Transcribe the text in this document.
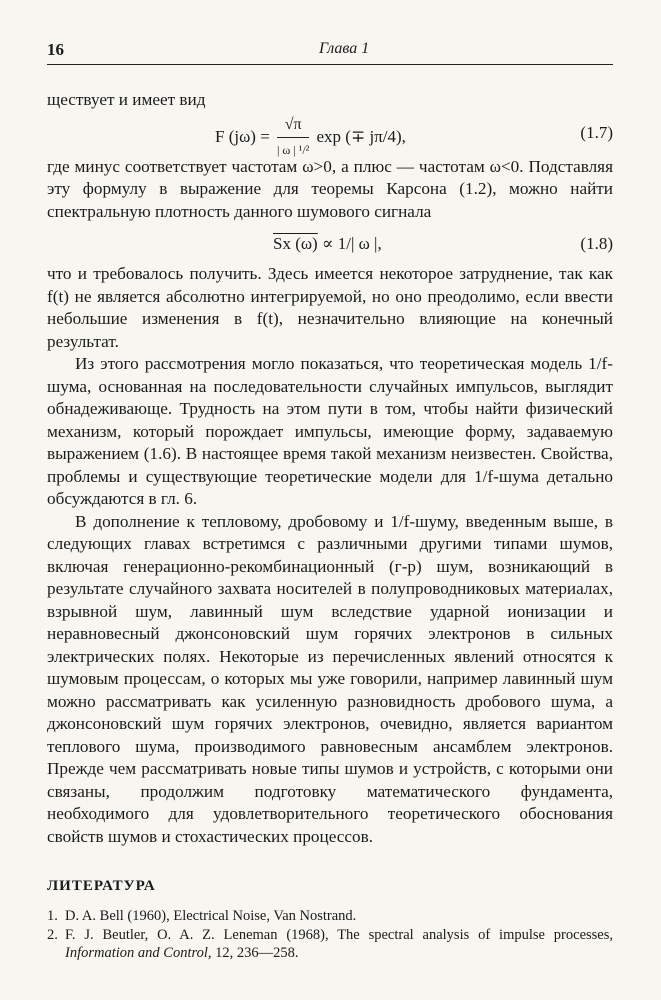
16	Глава 1

ществует и имеет вид

F $(j\omega) = \frac{√\pi}{\text{| ω | ¹/²}}$ exp (∓ jπ/4),	(1.7)

где минус соответствует частотам ω>0, а плюс — частотам ω<0. Подставляя эту формулу в выражение для теоремы Карсона (1.2), можно найти спектральную плотность данного шумового сигнала

Sx (ω) ∝ 1/| ω |,	(1.8)

что и требовалось получить. Здесь имеется некоторое затруднение, так как f(t) не является абсолютно интегрируемой, но оно преодолимо, если ввести небольшие изменения в f(t), незначительно влияющие на конечный результат.

Из этого рассмотрения могло показаться, что теоретическая модель 1/f-шума, основанная на последовательности случайных импульсов, выглядит обнадеживающе. Трудность на этом пути в том, чтобы найти физический механизм, который порождает импульсы, имеющие форму, задаваемую выражением (1.6). В настоящее время такой механизм неизвестен. Свойства, проблемы и существующие теоретические модели для 1/f-шума детально обсуждаются в гл. 6.

В дополнение к тепловому, дробовому и 1/f-шуму, введенным выше, в следующих главах встретимся с различными другими типами шумов, включая генерационно-рекомбинационный (г-р) шум, возникающий в результате случайного захвата носителей в полупроводниковых материалах, взрывной шум, лавинный шум вследствие ударной ионизации и неравновесный джонсоновский шум горячих электронов в сильных электрических полях. Некоторые из перечисленных явлений относятся к шумовым процессам, о которых мы уже говорили, например лавинный шум можно рассматривать как усиленную разновидность дробового шума, а джонсоновский шум горячих электронов, очевидно, является вариантом теплового шума, производимого равновесным ансамблем электронов. Прежде чем рассматривать новые типы шумов и устройств, с которыми они связаны, продолжим подготовку математического фундамента, необходимого для удовлетворительного теоретического обоснования свойств шумов и стохастических процессов.

ЛИТЕРАТУРА
1. D. A. Bell (1960), Electrical Noise, Van Nostrand.
2. F. J. Beutler, O. A. Z. Leneman (1968), The spectral analysis of impulse processes, Information and Control, 12, 236—258.
